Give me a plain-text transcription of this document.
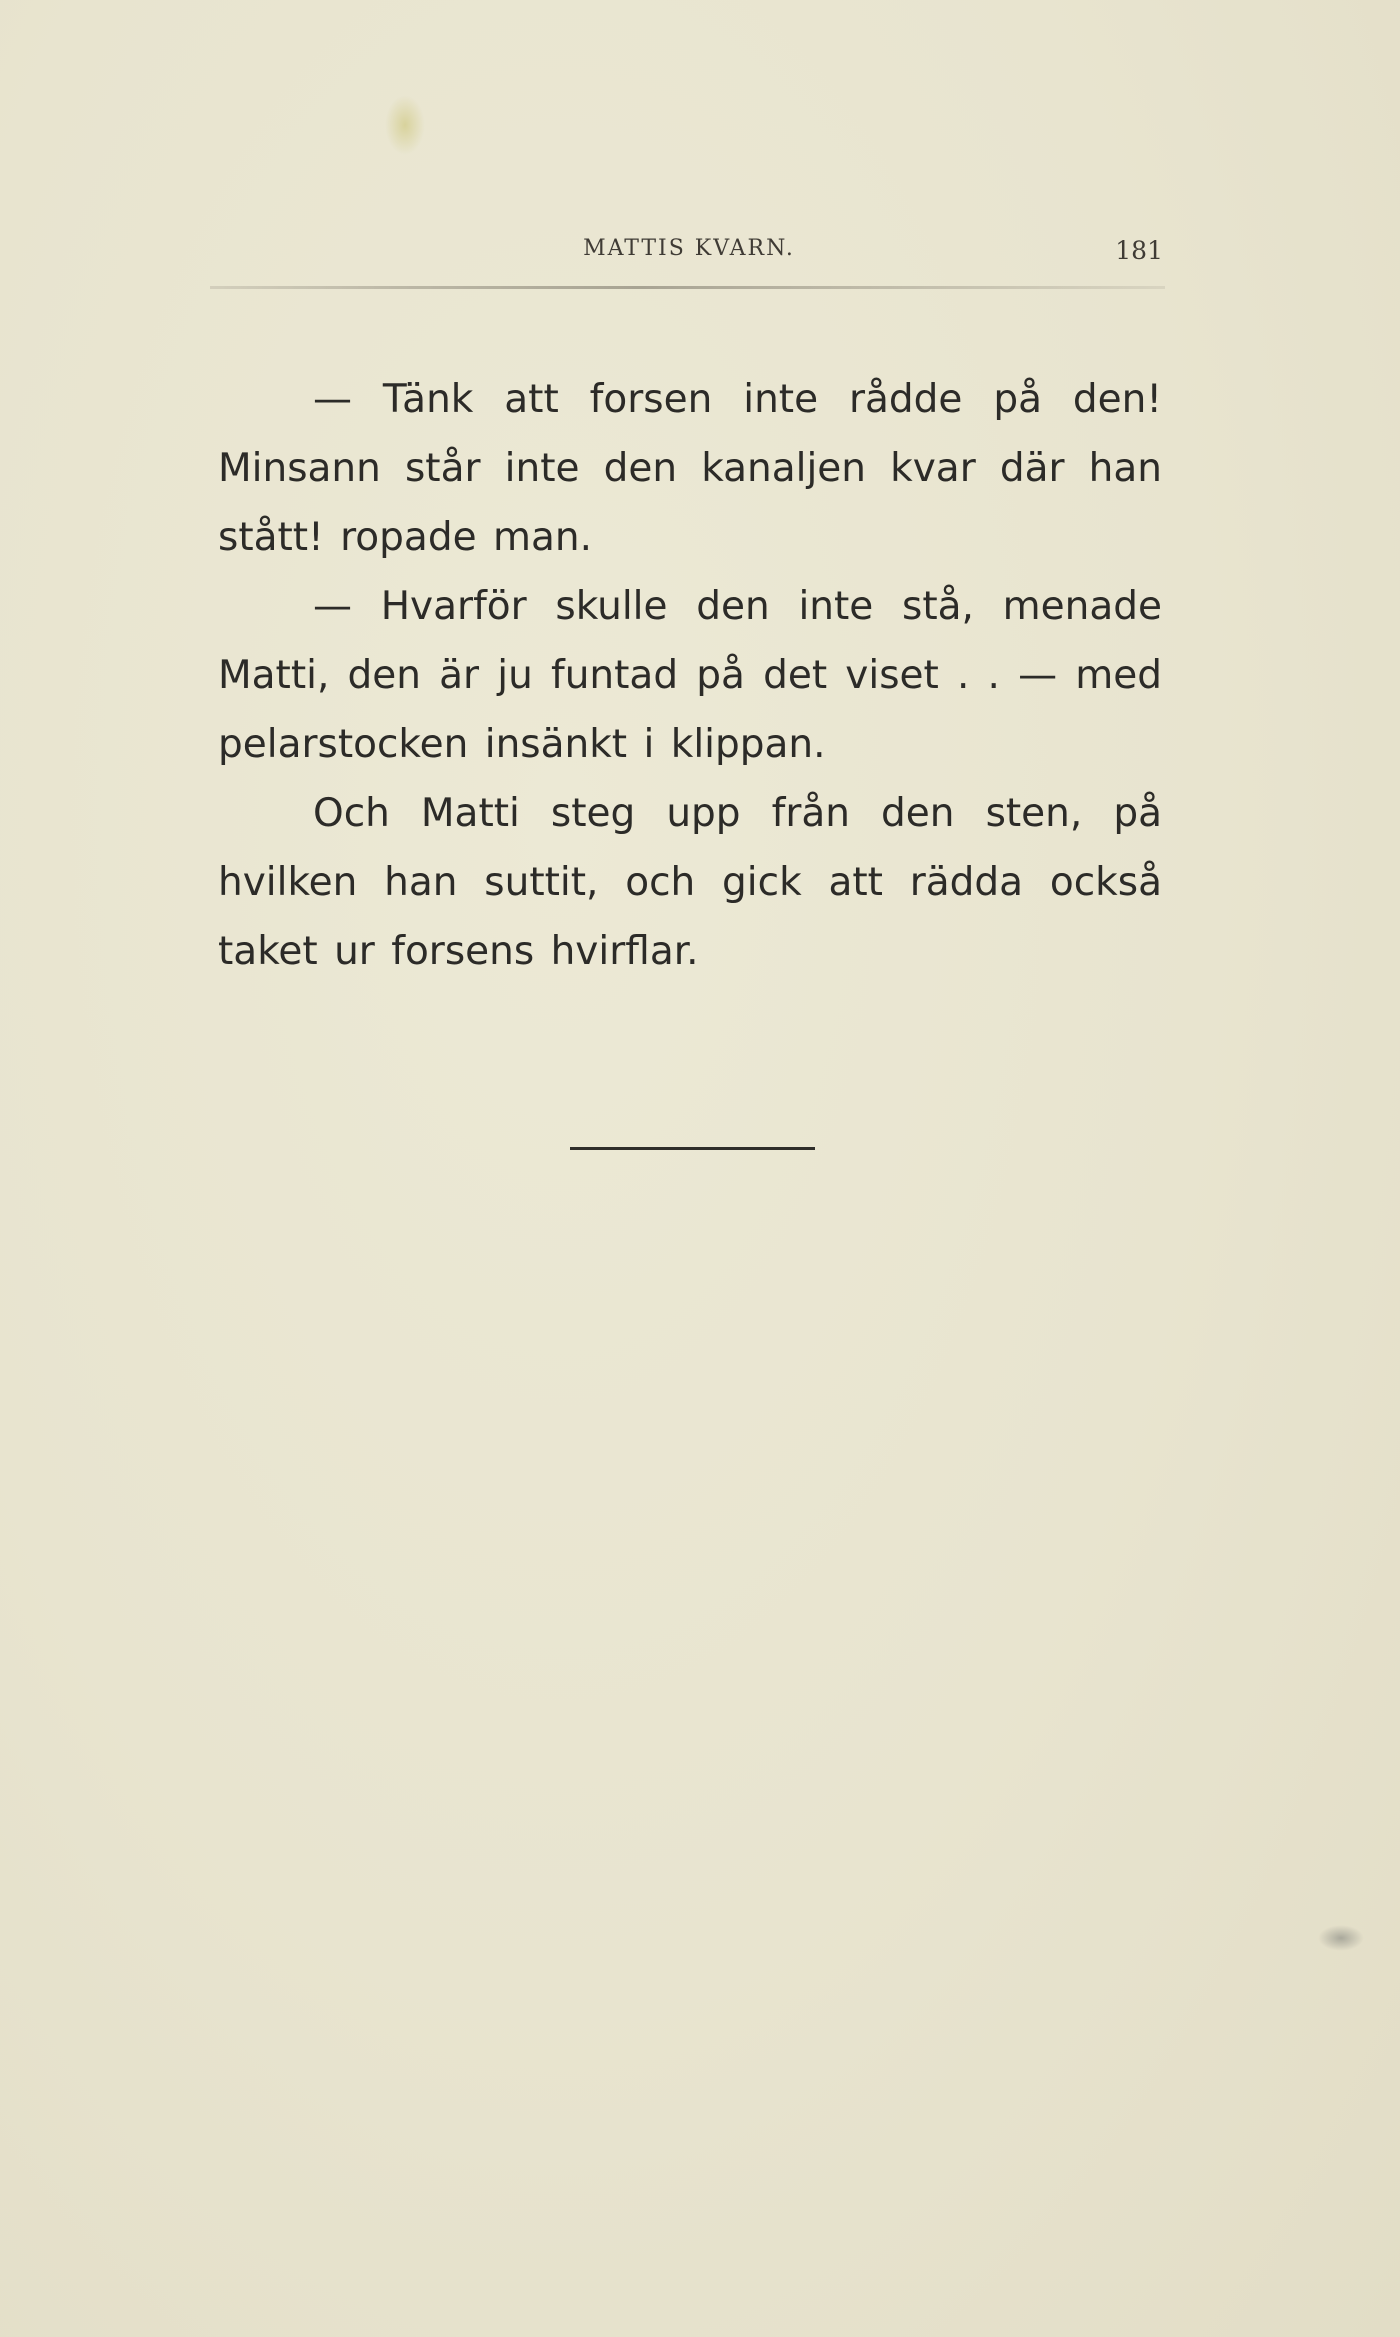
MATTIS KVARN.	181

— Tänk att forsen inte rådde på den! Minsann står inte den kanaljen kvar där han stått! ropade man.

— Hvarför skulle den inte stå, menade Matti, den är ju funtad på det viset . . — med pelarstocken insänkt i klippan.

Och Matti steg upp från den sten, på hvilken han suttit, och gick att rädda också taket ur forsens hvirflar.
